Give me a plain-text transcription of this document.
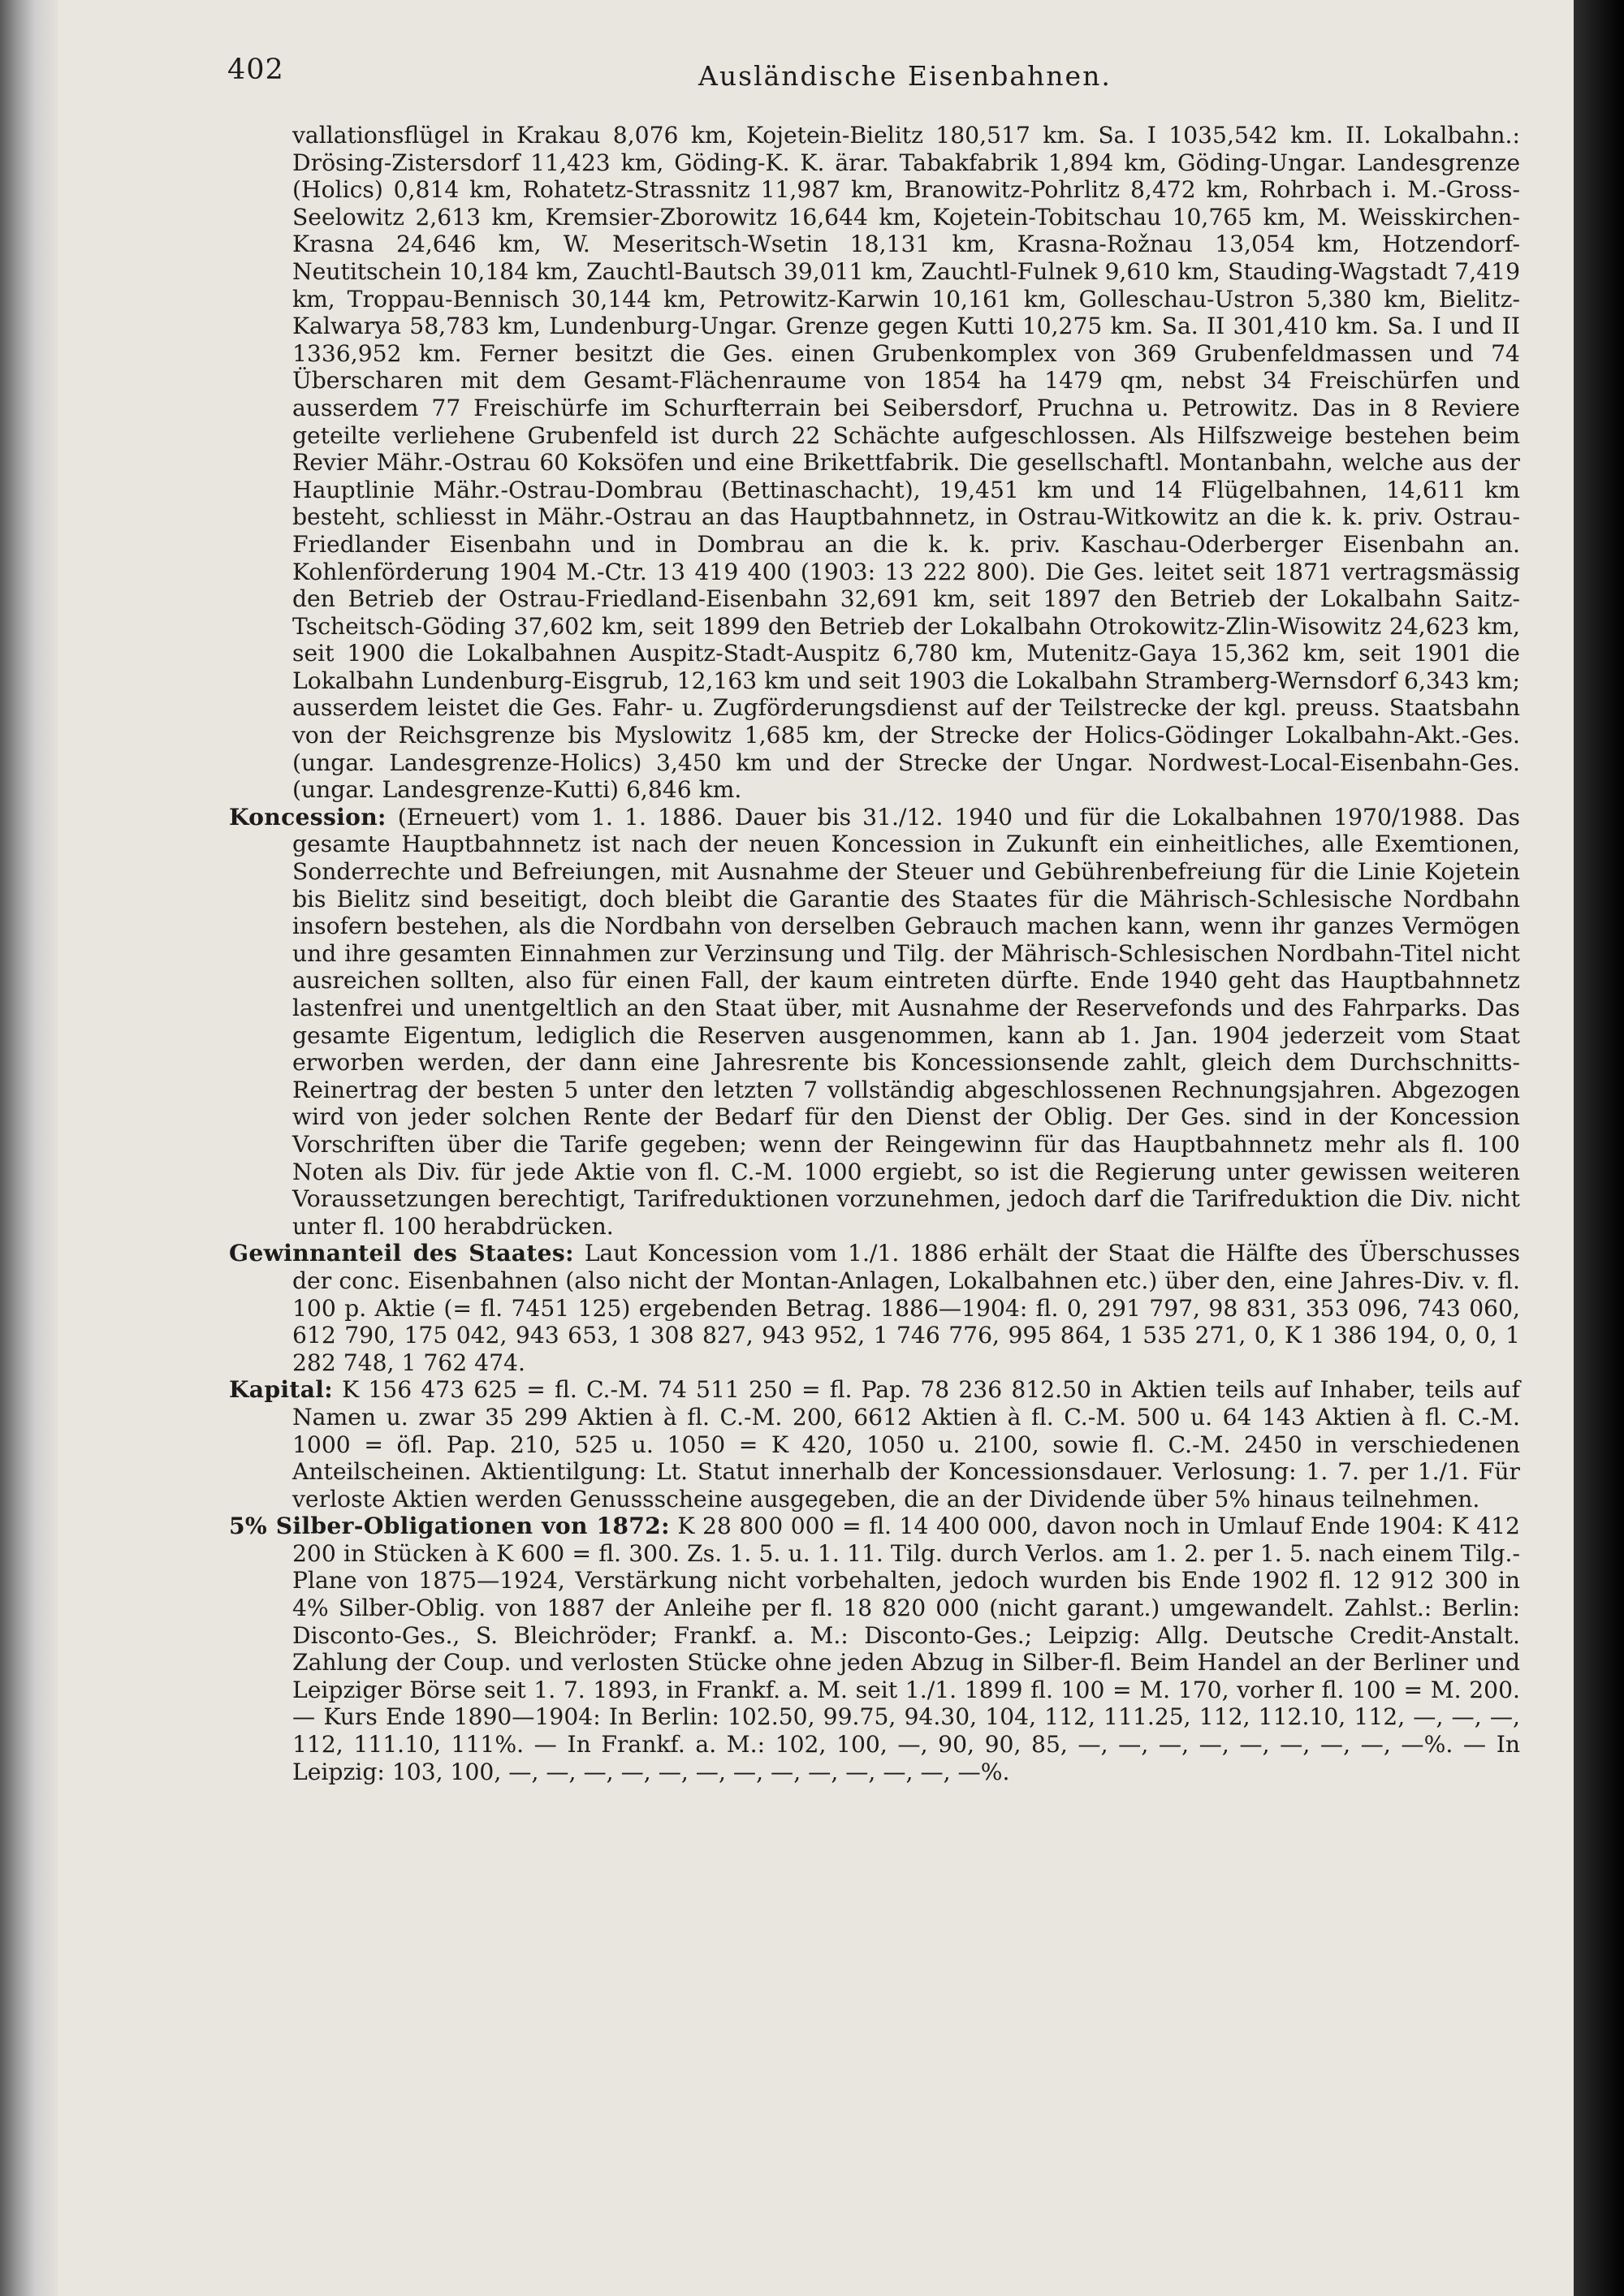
402	Ausländische Eisenbahnen.

vallationsflügel in Krakau 8,076 km, Kojetein-Bielitz 180,517 km. Sa. I 1035,542 km. II. Lokalbahn.: Drösing-Zistersdorf 11,423 km, Göding-K. K. ärar. Tabakfabrik 1,894 km, Göding-Ungar. Landesgrenze (Holics) 0,814 km, Rohatetz-Strassnitz 11,987 km, Branowitz-Pohrlitz 8,472 km, Rohrbach i. M.-Gross-Seelowitz 2,613 km, Kremsier-Zborowitz 16,644 km, Kojetein-Tobitschau 10,765 km, M. Weisskirchen-Krasna 24,646 km, W. Meseritsch-Wsetin 18,131 km, Krasna-Rožnau 13,054 km, Hotzendorf-Neutitschein 10,184 km, Zauchtl-Bautsch 39,011 km, Zauchtl-Fulnek 9,610 km, Stauding-Wagstadt 7,419 km, Troppau-Bennisch 30,144 km, Petrowitz-Karwin 10,161 km, Golleschau-Ustron 5,380 km, Bielitz-Kalwarya 58,783 km, Lundenburg-Ungar. Grenze gegen Kutti 10,275 km. Sa. II 301,410 km. Sa. I und II 1336,952 km. Ferner besitzt die Ges. einen Grubenkomplex von 369 Grubenfeldmassen und 74 Überscharen mit dem Gesamt-Flächenraume von 1854 ha 1479 qm, nebst 34 Freischürfen und ausserdem 77 Freischürfe im Schurfterrain bei Seibersdorf, Pruchna u. Petrowitz. Das in 8 Reviere geteilte verliehene Grubenfeld ist durch 22 Schächte aufgeschlossen. Als Hilfszweige bestehen beim Revier Mähr.-Ostrau 60 Koksöfen und eine Brikettfabrik. Die gesellschaftl. Montanbahn, welche aus der Hauptlinie Mähr.-Ostrau-Dombrau (Bettinaschacht), 19,451 km und 14 Flügelbahnen, 14,611 km besteht, schliesst in Mähr.-Ostrau an das Hauptbahnnetz, in Ostrau-Witkowitz an die k. k. priv. Ostrau-Friedlander Eisenbahn und in Dombrau an die k. k. priv. Kaschau-Oderberger Eisenbahn an. Kohlenförderung 1904 M.-Ctr. 13 419 400 (1903: 13 222 800). Die Ges. leitet seit 1871 vertragsmässig den Betrieb der Ostrau-Friedland-Eisenbahn 32,691 km, seit 1897 den Betrieb der Lokalbahn Saitz-Tscheitsch-Göding 37,602 km, seit 1899 den Betrieb der Lokalbahn Otrokowitz-Zlin-Wisowitz 24,623 km, seit 1900 die Lokalbahnen Auspitz-Stadt-Auspitz 6,780 km, Mutenitz-Gaya 15,362 km, seit 1901 die Lokalbahn Lundenburg-Eisgrub, 12,163 km und seit 1903 die Lokalbahn Stramberg-Wernsdorf 6,343 km; ausserdem leistet die Ges. Fahr- u. Zugförderungsdienst auf der Teilstrecke der kgl. preuss. Staatsbahn von der Reichsgrenze bis Myslowitz 1,685 km, der Strecke der Holics-Gödinger Lokalbahn-Akt.-Ges. (ungar. Landesgrenze-Holics) 3,450 km und der Strecke der Ungar. Nordwest-Local-Eisenbahn-Ges. (ungar. Landesgrenze-Kutti) 6,846 km.

Koncession: (Erneuert) vom 1. 1. 1886. Dauer bis 31./12. 1940 und für die Lokalbahnen 1970/1988. Das gesamte Hauptbahnnetz ist nach der neuen Koncession in Zukunft ein einheitliches, alle Exemtionen, Sonderrechte und Befreiungen, mit Ausnahme der Steuer und Gebührenbefreiung für die Linie Kojetein bis Bielitz sind beseitigt, doch bleibt die Garantie des Staates für die Mährisch-Schlesische Nordbahn insofern bestehen, als die Nordbahn von derselben Gebrauch machen kann, wenn ihr ganzes Vermögen und ihre gesamten Einnahmen zur Verzinsung und Tilg. der Mährisch-Schlesischen Nordbahn-Titel nicht ausreichen sollten, also für einen Fall, der kaum eintreten dürfte. Ende 1940 geht das Hauptbahnnetz lastenfrei und unentgeltlich an den Staat über, mit Ausnahme der Reservefonds und des Fahrparks. Das gesamte Eigentum, lediglich die Reserven ausgenommen, kann ab 1. Jan. 1904 jederzeit vom Staat erworben werden, der dann eine Jahresrente bis Koncessionsende zahlt, gleich dem Durchschnitts-Reinertrag der besten 5 unter den letzten 7 vollständig abgeschlossenen Rechnungsjahren. Abgezogen wird von jeder solchen Rente der Bedarf für den Dienst der Oblig. Der Ges. sind in der Koncession Vorschriften über die Tarife gegeben; wenn der Reingewinn für das Hauptbahnnetz mehr als fl. 100 Noten als Div. für jede Aktie von fl. C.-M. 1000 ergiebt, so ist die Regierung unter gewissen weiteren Voraussetzungen berechtigt, Tarifreduktionen vorzunehmen, jedoch darf die Tarifreduktion die Div. nicht unter fl. 100 herabdrücken.

Gewinnanteil des Staates: Laut Koncession vom 1./1. 1886 erhält der Staat die Hälfte des Überschusses der conc. Eisenbahnen (also nicht der Montan-Anlagen, Lokalbahnen etc.) über den, eine Jahres-Div. v. fl. 100 p. Aktie (= fl. 7451 125) ergebenden Betrag. 1886—1904: fl. 0, 291 797, 98 831, 353 096, 743 060, 612 790, 175 042, 943 653, 1 308 827, 943 952, 1 746 776, 995 864, 1 535 271, 0, K 1 386 194, 0, 0, 1 282 748, 1 762 474.

Kapital: K 156 473 625 = fl. C.-M. 74 511 250 = fl. Pap. 78 236 812.50 in Aktien teils auf Inhaber, teils auf Namen u. zwar 35 299 Aktien à fl. C.-M. 200, 6612 Aktien à fl. C.-M. 500 u. 64 143 Aktien à fl. C.-M. 1000 = öfl. Pap. 210, 525 u. 1050 = K 420, 1050 u. 2100, sowie fl. C.-M. 2450 in verschiedenen Anteilscheinen. Aktientilgung: Lt. Statut innerhalb der Koncessionsdauer. Verlosung: 1. 7. per 1./1. Für verloste Aktien werden Genussscheine ausgegeben, die an der Dividende über 5% hinaus teilnehmen.

5% Silber-Obligationen von 1872: K 28 800 000 = fl. 14 400 000, davon noch in Umlauf Ende 1904: K 412 200 in Stücken à K 600 = fl. 300. Zs. 1. 5. u. 1. 11. Tilg. durch Verlos. am 1. 2. per 1. 5. nach einem Tilg.-Plane von 1875—1924, Verstärkung nicht vorbehalten, jedoch wurden bis Ende 1902 fl. 12 912 300 in 4% Silber-Oblig. von 1887 der Anleihe per fl. 18 820 000 (nicht garant.) umgewandelt. Zahlst.: Berlin: Disconto-Ges., S. Bleichröder; Frankf. a. M.: Disconto-Ges.; Leipzig: Allg. Deutsche Credit-Anstalt. Zahlung der Coup. und verlosten Stücke ohne jeden Abzug in Silber-fl. Beim Handel an der Berliner und Leipziger Börse seit 1. 7. 1893, in Frankf. a. M. seit 1./1. 1899 fl. 100 = M. 170, vorher fl. 100 = M. 200. — Kurs Ende 1890—1904: In Berlin: 102.50, 99.75, 94.30, 104, 112, 111.25, 112, 112.10, 112, —, —, —, 112, 111.10, 111%. — In Frankf. a. M.: 102, 100, —, 90, 90, 85, —, —, —, —, —, —, —, —, —%. — In Leipzig: 103, 100, —, —, —, —, —, —, —, —, —, —, —, —, —%.
